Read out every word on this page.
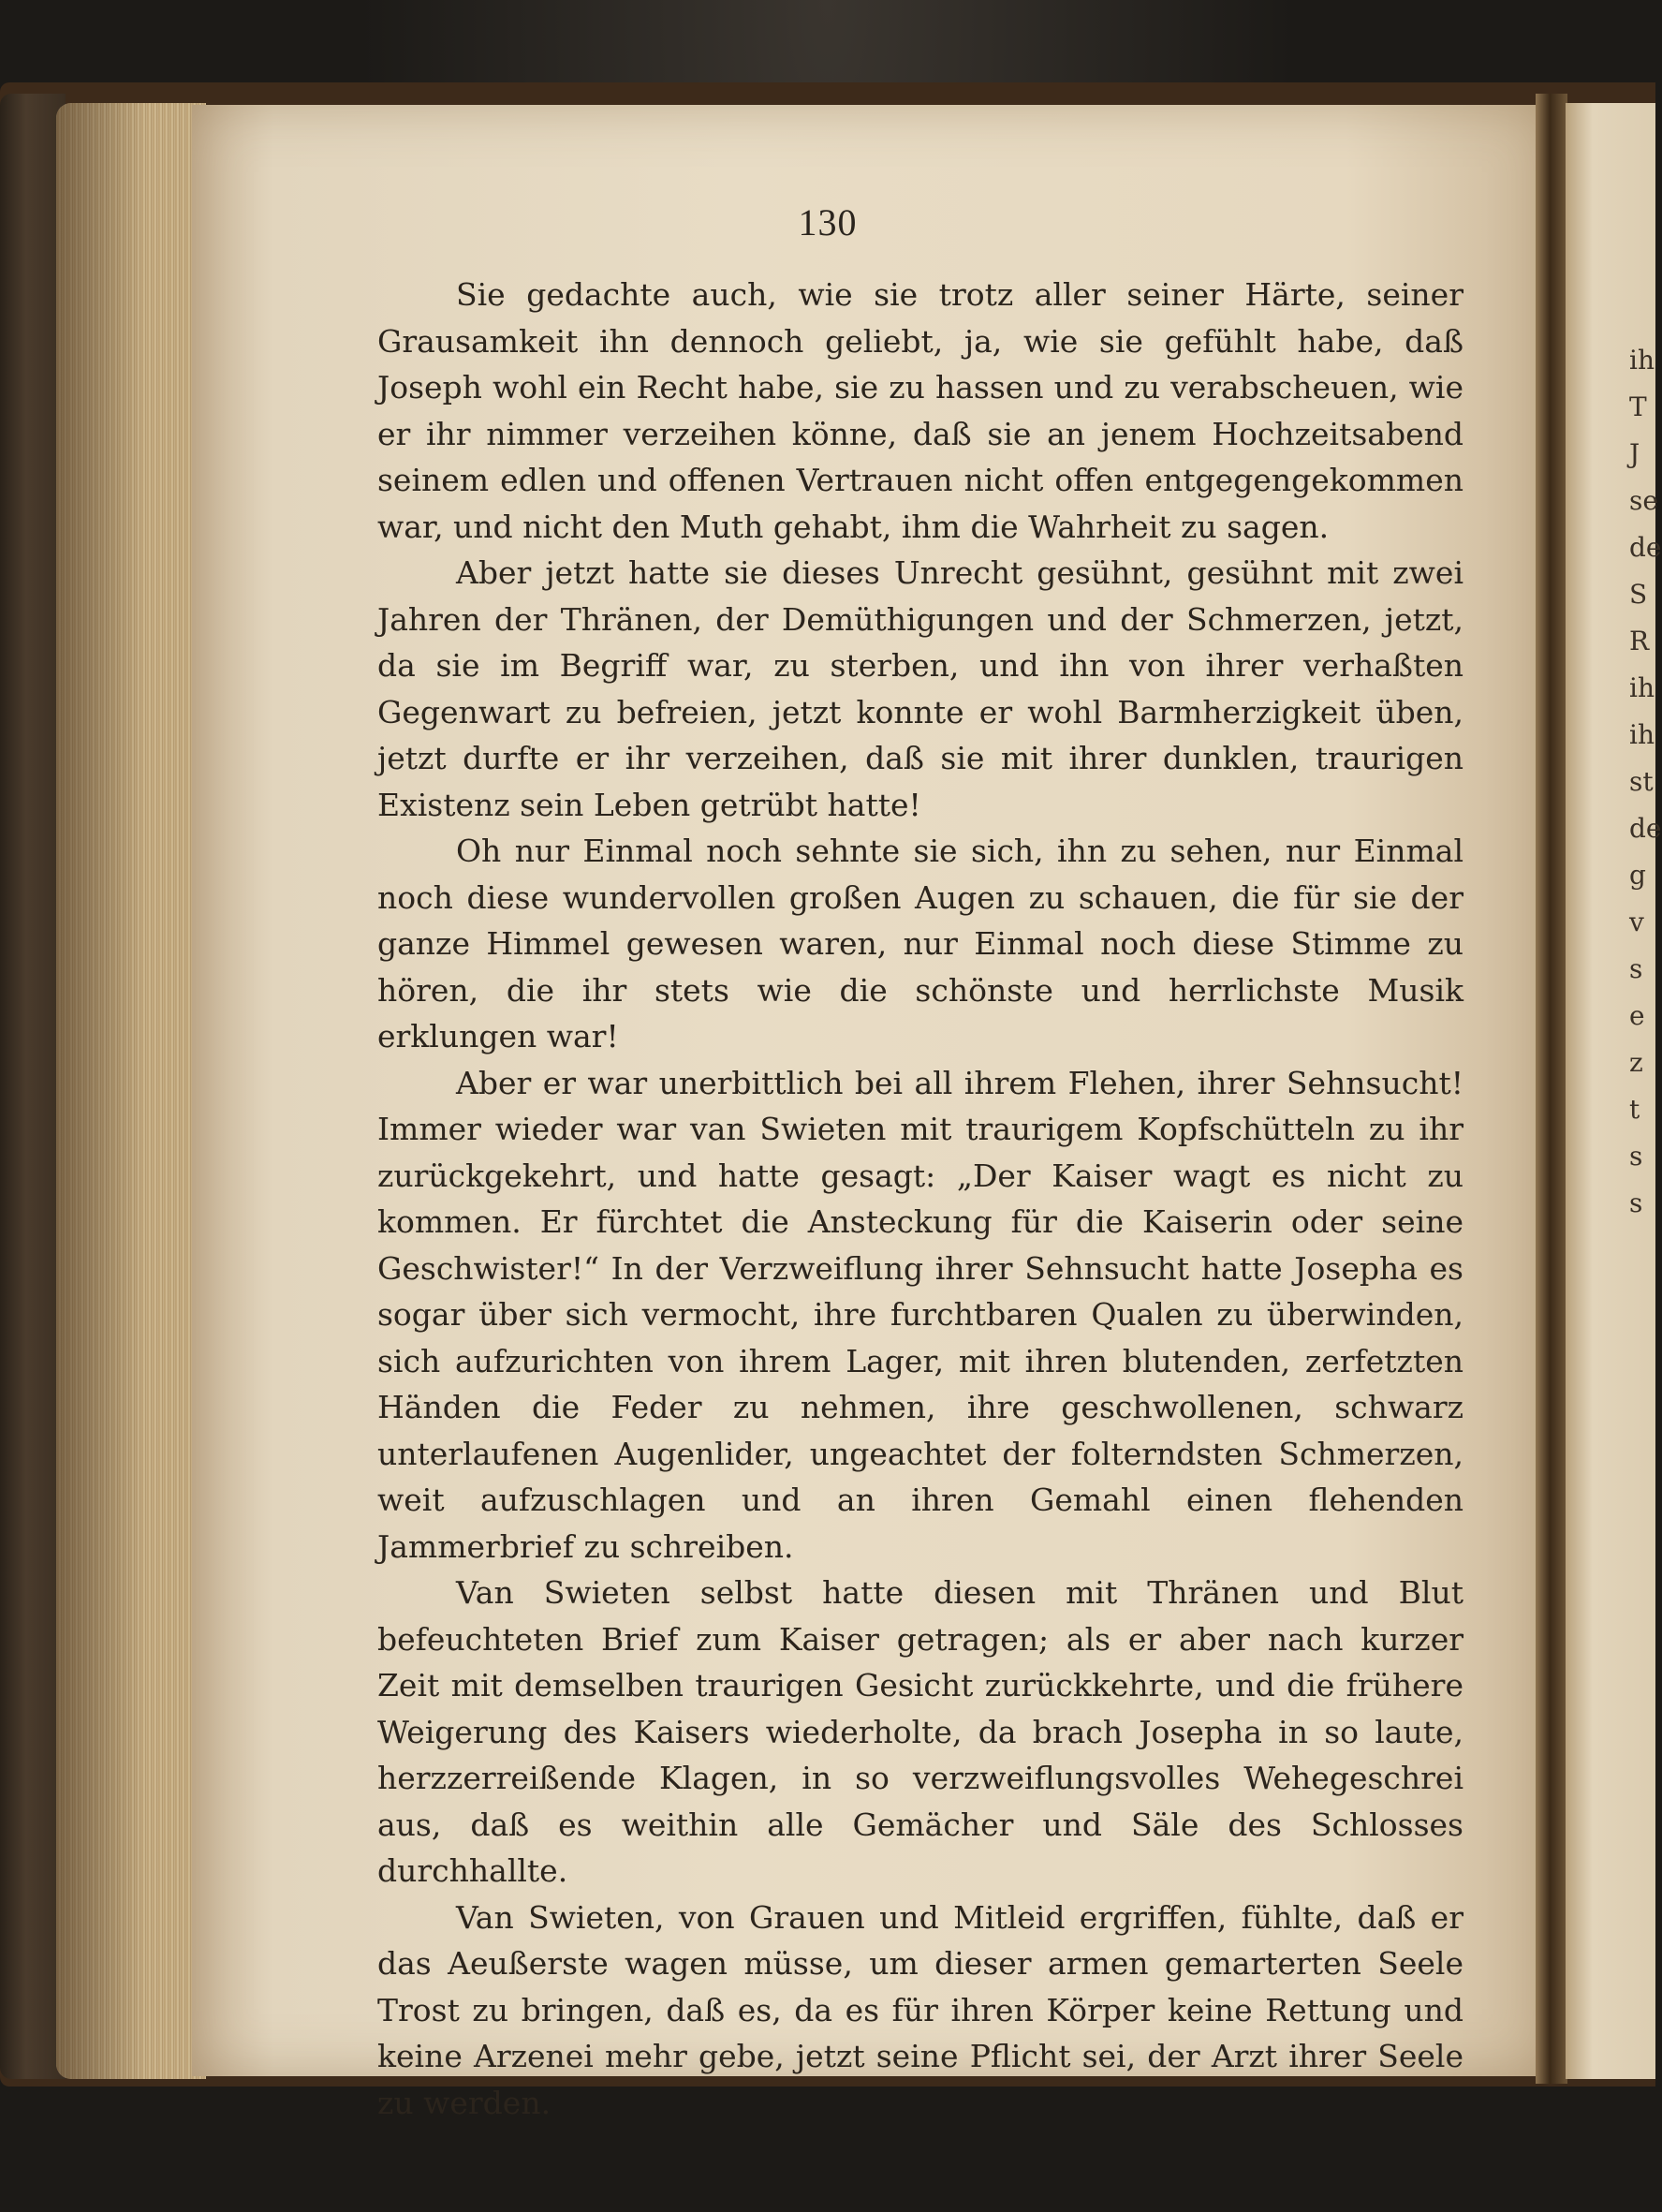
130

Sie gedachte auch, wie sie trotz aller seiner Härte, seiner Grausamkeit ihn dennoch geliebt, ja, wie sie gefühlt habe, daß Joseph wohl ein Recht habe, sie zu hassen und zu verabscheuen, wie er ihr nimmer verzeihen könne, daß sie an jenem Hochzeitsabend seinem edlen und offenen Vertrauen nicht offen entgegengekommen war, und nicht den Muth gehabt, ihm die Wahrheit zu sagen.

Aber jetzt hatte sie dieses Unrecht gesühnt, gesühnt mit zwei Jahren der Thränen, der Demüthigungen und der Schmerzen, jetzt, da sie im Begriff war, zu sterben, und ihn von ihrer verhaßten Gegenwart zu befreien, jetzt konnte er wohl Barmherzigkeit üben, jetzt durfte er ihr verzeihen, daß sie mit ihrer dunklen, traurigen Existenz sein Leben getrübt hatte!

Oh nur Einmal noch sehnte sie sich, ihn zu sehen, nur Einmal noch diese wundervollen großen Augen zu schauen, die für sie der ganze Himmel gewesen waren, nur Einmal noch diese Stimme zu hören, die ihr stets wie die schönste und herrlichste Musik erklungen war!

Aber er war unerbittlich bei all ihrem Flehen, ihrer Sehnsucht! Immer wieder war van Swieten mit traurigem Kopfschütteln zu ihr zurückgekehrt, und hatte gesagt: „Der Kaiser wagt es nicht zu kommen. Er fürchtet die Ansteckung für die Kaiserin oder seine Geschwister!“ In der Verzweiflung ihrer Sehnsucht hatte Josepha es sogar über sich vermocht, ihre furchtbaren Qualen zu überwinden, sich aufzurichten von ihrem Lager, mit ihren blutenden, zerfetzten Händen die Feder zu nehmen, ihre geschwollenen, schwarz unterlaufenen Augenlider, ungeachtet der folterndsten Schmerzen, weit aufzuschlagen und an ihren Gemahl einen flehenden Jammerbrief zu schreiben.

Van Swieten selbst hatte diesen mit Thränen und Blut befeuchteten Brief zum Kaiser getragen; als er aber nach kurzer Zeit mit demselben traurigen Gesicht zurückkehrte, und die frühere Weigerung des Kaisers wiederholte, da brach Josepha in so laute, herzzerreißende Klagen, in so verzweiflungsvolles Wehegeschrei aus, daß es weithin alle Gemächer und Säle des Schlosses durchhallte.

Van Swieten, von Grauen und Mitleid ergriffen, fühlte, daß er das Aeußerste wagen müsse, um dieser armen gemarterten Seele Trost zu bringen, daß es, da es für ihren Körper keine Rettung und keine Arzenei mehr gebe, jetzt seine Pflicht sei, der Arzt ihrer Seele zu werden.

ih
T
J
se
de
S
R
ih
ih
st
de
g
v
s
e
z
t
s
s
